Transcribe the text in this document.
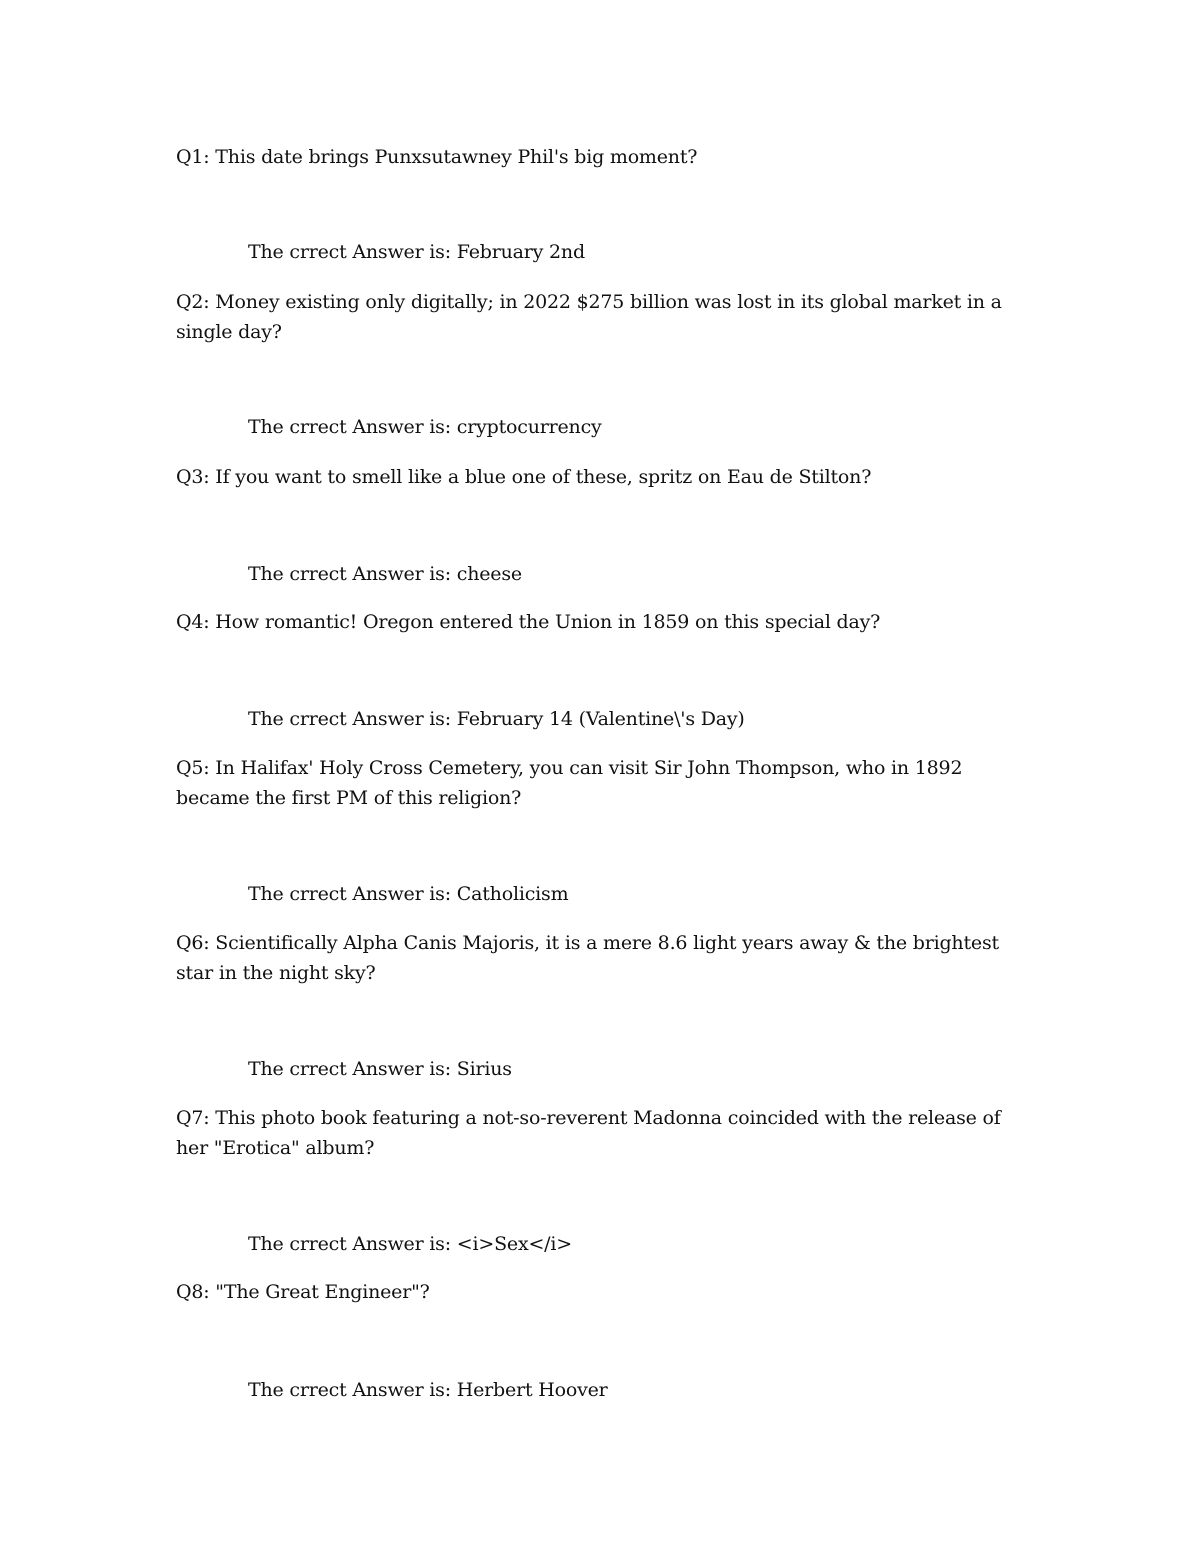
Q1: This date brings Punxsutawney Phil's big moment?

The crrect Answer is: February 2nd

Q2: Money existing only digitally; in 2022 $275 billion was lost in its global market in a single day?

The crrect Answer is: cryptocurrency

Q3: If you want to smell like a blue one of these, spritz on Eau de Stilton?

The crrect Answer is: cheese

Q4: How romantic! Oregon entered the Union in 1859 on this special day?

The crrect Answer is: February 14 (Valentine\'s Day)

Q5: In Halifax' Holy Cross Cemetery, you can visit Sir John Thompson, who in 1892 became the first PM of this religion?

The crrect Answer is: Catholicism

Q6: Scientifically Alpha Canis Majoris, it is a mere 8.6 light years away & the brightest star in the night sky?

The crrect Answer is: Sirius

Q7: This photo book featuring a not-so-reverent Madonna coincided with the release of her "Erotica" album?

The crrect Answer is: <i>Sex</i>

Q8: "The Great Engineer"?

The crrect Answer is: Herbert Hoover
